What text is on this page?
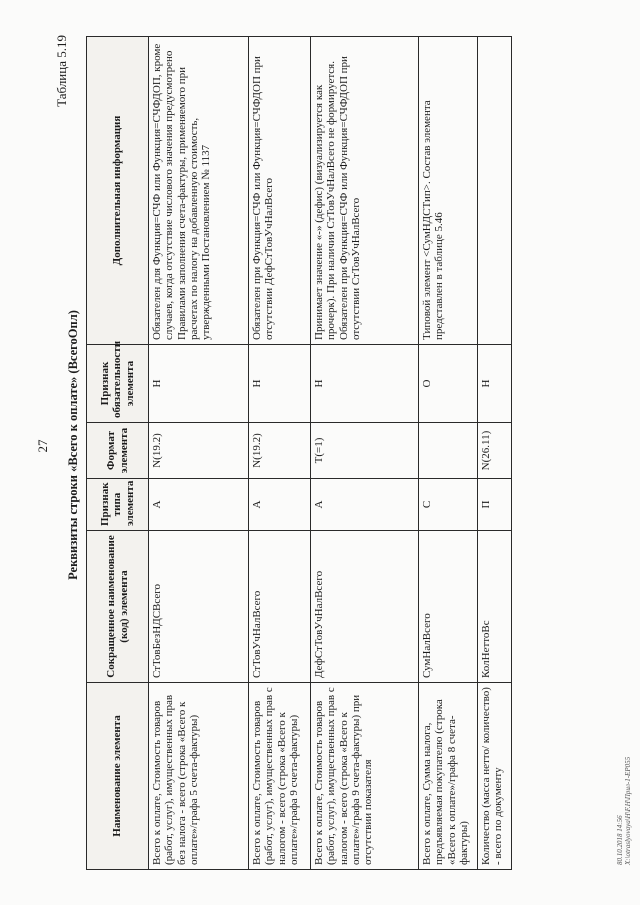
27
Таблица 5.19
Реквизиты строки «Всего к оплате» (ВсегоОпл)
Наименование элемента	Сокращенное наименование (код) элемента	Признак типа элемента	Формат элемента	Признак обязательности элемента	Дополнительная информация
Всего к оплате, Стоимость товаров (работ, услуг), имущественных прав без налога - всего (строка «Всего к оплате»/графа 5 счета-фактуры)	СтТовБезНДСВсего	А	N(19.2)	Н	Обязателен для Функция=СЧФ или Функция=СЧФДОП, кроме случаев, когда отсутствие числового значения предусмотрено Правилами заполнения счета-фактуры, применяемого при расчетах по налогу на добавленную стоимость, утвержденными Постановлением № 1137
Всего к оплате, Стоимость товаров (работ, услуг), имущественных прав с налогом - всего (строка «Всего к оплате»/графа 9 счета-фактуры)	СтТовУчНалВсего	А	N(19.2)	Н	Обязателен при Функция=СЧФ или Функция=СЧФДОП при отсутствии ДефСтТовУчНалВсего
Всего к оплате, Стоимость товаров (работ, услуг), имущественных прав с налогом - всего (строка «Всего к оплате»/графа 9 счета-фактуры) при отсутствии показателя	ДефСтТовУчНалВсего	А	T(=1)	Н	Принимает значение «-» (дефис) (визуализируется как прочерк). При наличии СтТовУчНалВсего не формируется. Обязателен при Функция=СЧФ или Функция=СЧФДОП при отсутствии СтТовУчНалВсего
Всего к оплате, Сумма налога, предъявляемая покупателю (строка «Всего к оплате»/графа 8 счета-фактуры)	СумНалВсего	С		О	Типовой элемент <СумНДСТип>. Состав элемента представлен в таблице 5.46
Количество (масса нетто/ количество) - всего по документу	КолНеттоВс	П	N(26.11)	Н	
80.10.2018 14:56 X:\otraslyovaya\H\F.H\Прил-1-EP055
